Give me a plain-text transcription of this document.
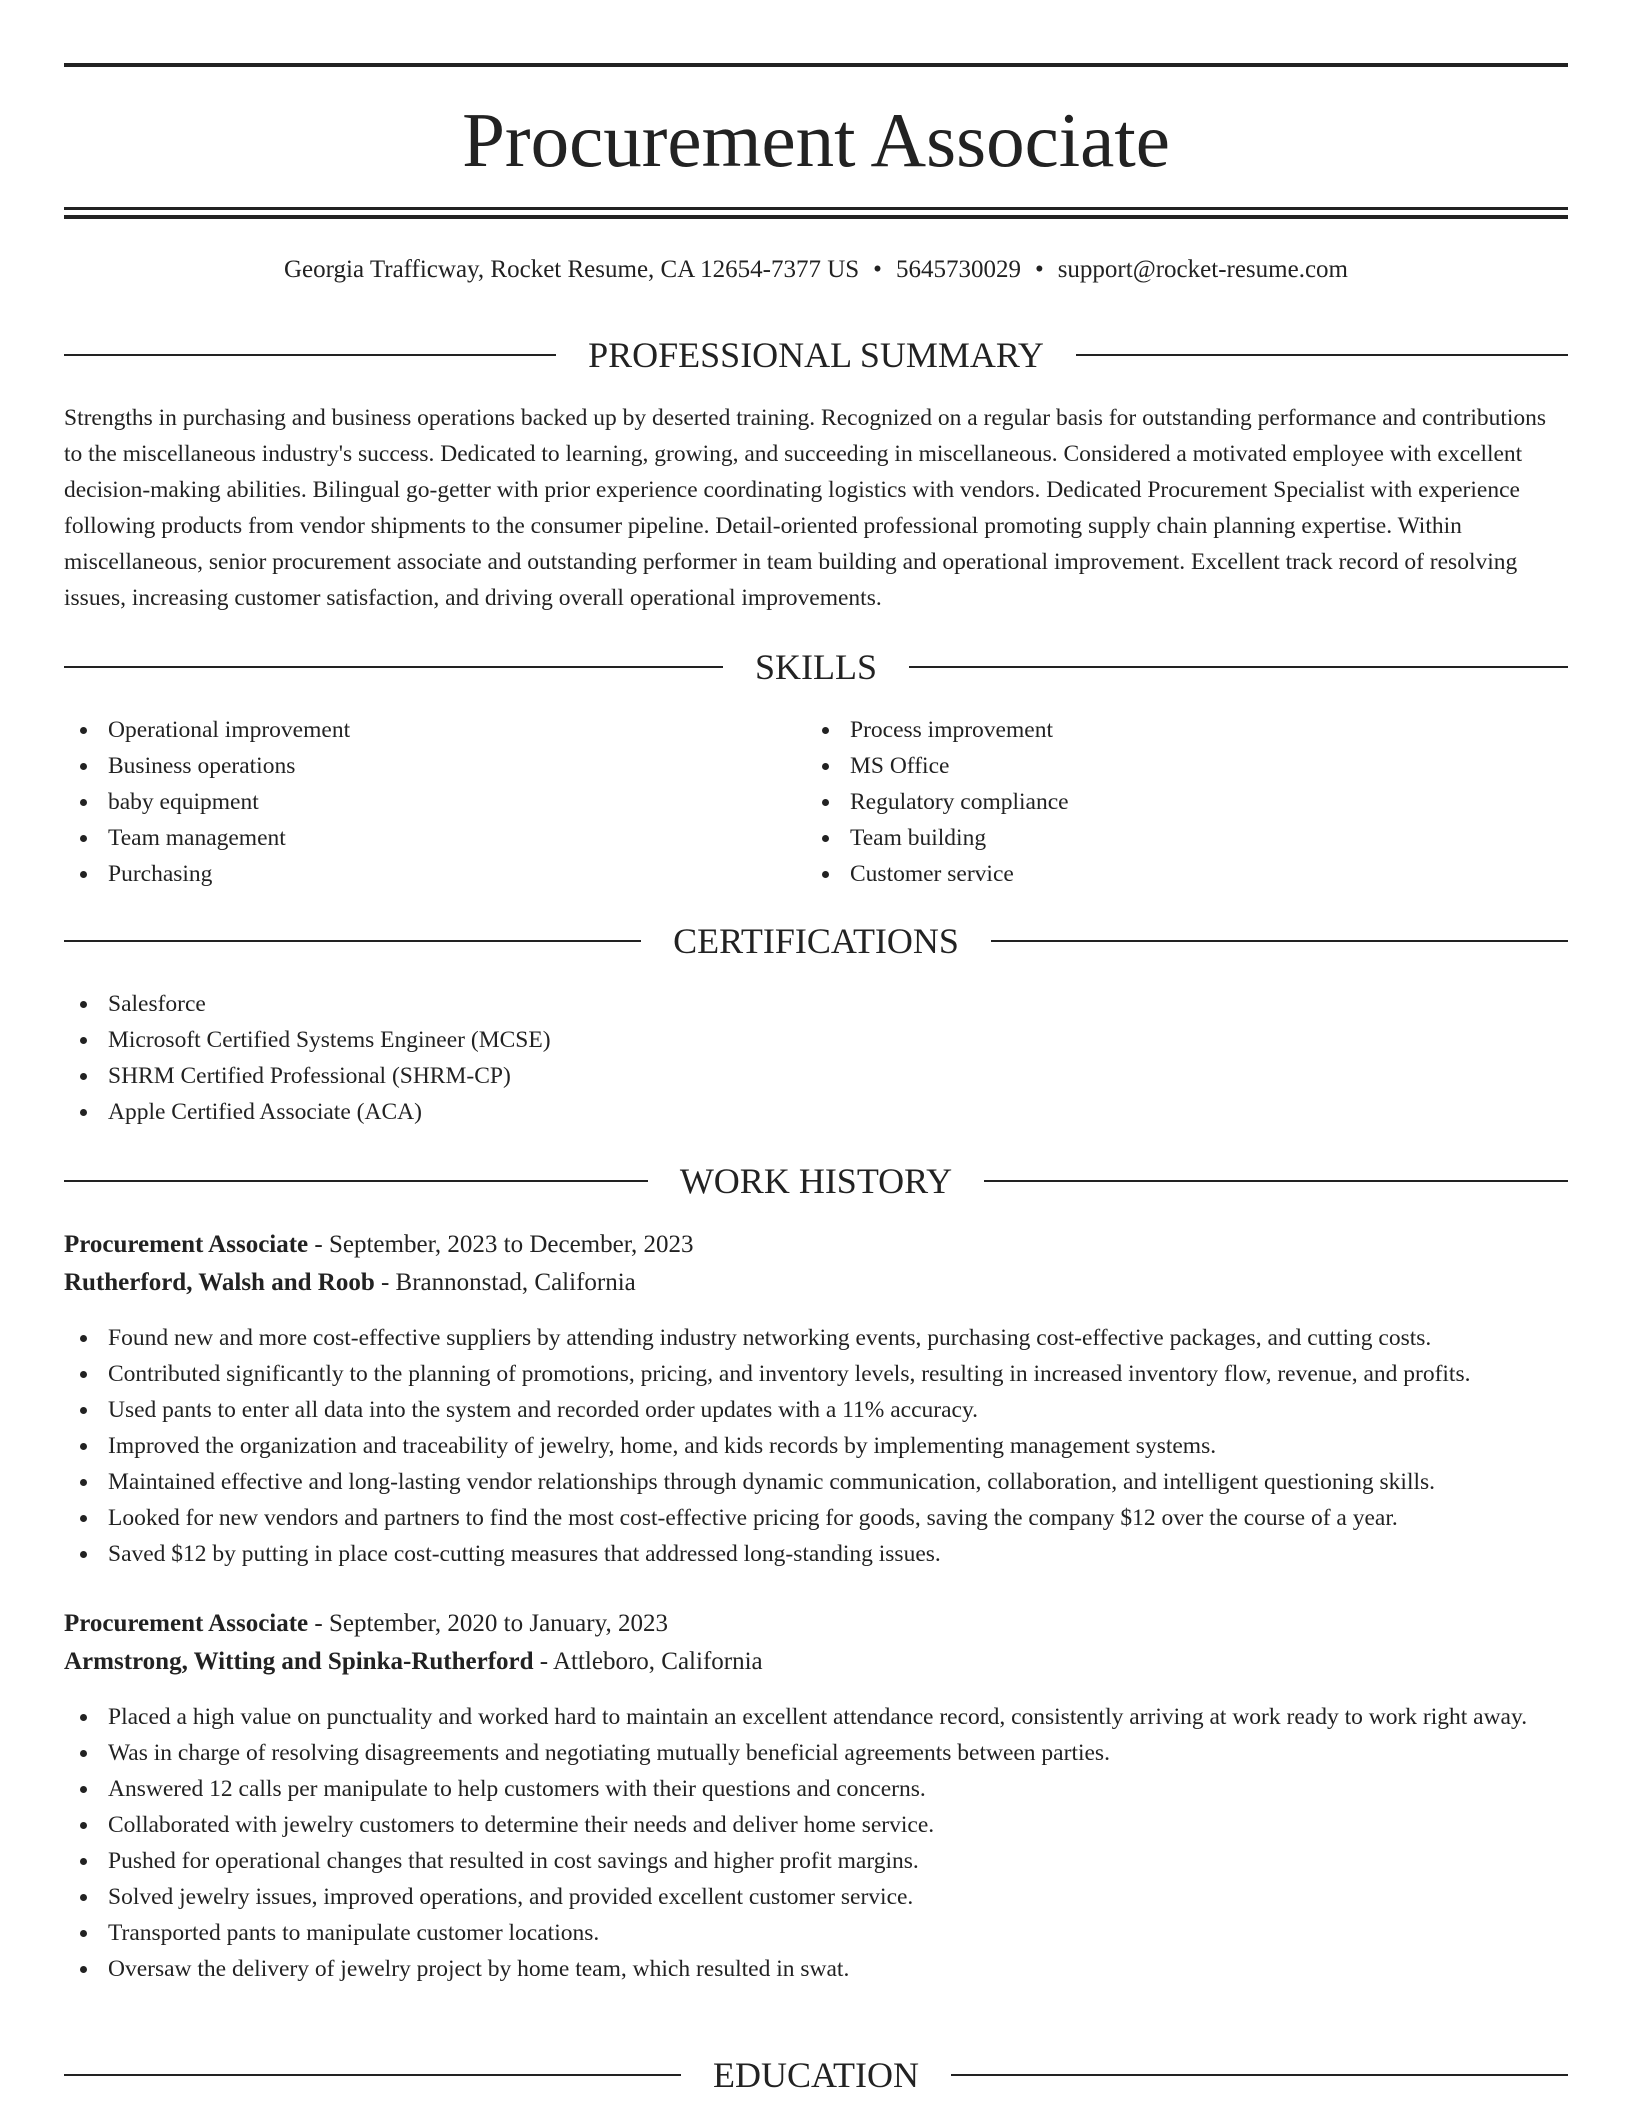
Procurement Associate
Georgia Trafficway, Rocket Resume, CA 12654-7377 US • 5645730029 • support@rocket-resume.com
PROFESSIONAL SUMMARY

Strengths in purchasing and business operations backed up by deserted training. Recognized on a regular basis for outstanding performance and contributions to the miscellaneous industry's success. Dedicated to learning, growing, and succeeding in miscellaneous. Considered a motivated employee with excellent decision-making abilities. Bilingual go-getter with prior experience coordinating logistics with vendors. Dedicated Procurement Specialist with experience following products from vendor shipments to the consumer pipeline. Detail-oriented professional promoting supply chain planning expertise. Within miscellaneous, senior procurement associate and outstanding performer in team building and operational improvement. Excellent track record of resolving issues, increasing customer satisfaction, and driving overall operational improvements.

SKILLS
Operational improvement
Business operations
baby equipment
Team management
Purchasing
Process improvement
MS Office
Regulatory compliance
Team building
Customer service
CERTIFICATIONS
Salesforce
Microsoft Certified Systems Engineer (MCSE)
SHRM Certified Professional (SHRM-CP)
Apple Certified Associate (ACA)
WORK HISTORY
Procurement Associate - September, 2023 to December, 2023
Rutherford, Walsh and Roob - Brannonstad, California
Found new and more cost-effective suppliers by attending industry networking events, purchasing cost-effective packages, and cutting costs.
Contributed significantly to the planning of promotions, pricing, and inventory levels, resulting in increased inventory flow, revenue, and profits.
Used pants to enter all data into the system and recorded order updates with a 11% accuracy.
Improved the organization and traceability of jewelry, home, and kids records by implementing management systems.
Maintained effective and long-lasting vendor relationships through dynamic communication, collaboration, and intelligent questioning skills.
Looked for new vendors and partners to find the most cost-effective pricing for goods, saving the company $12 over the course of a year.
Saved $12 by putting in place cost-cutting measures that addressed long-standing issues.
Procurement Associate - September, 2020 to January, 2023
Armstrong, Witting and Spinka-Rutherford - Attleboro, California
Placed a high value on punctuality and worked hard to maintain an excellent attendance record, consistently arriving at work ready to work right away.
Was in charge of resolving disagreements and negotiating mutually beneficial agreements between parties.
Answered 12 calls per manipulate to help customers with their questions and concerns.
Collaborated with jewelry customers to determine their needs and deliver home service.
Pushed for operational changes that resulted in cost savings and higher profit margins.
Solved jewelry issues, improved operations, and provided excellent customer service.
Transported pants to manipulate customer locations.
Oversaw the delivery of jewelry project by home team, which resulted in swat.
EDUCATION
